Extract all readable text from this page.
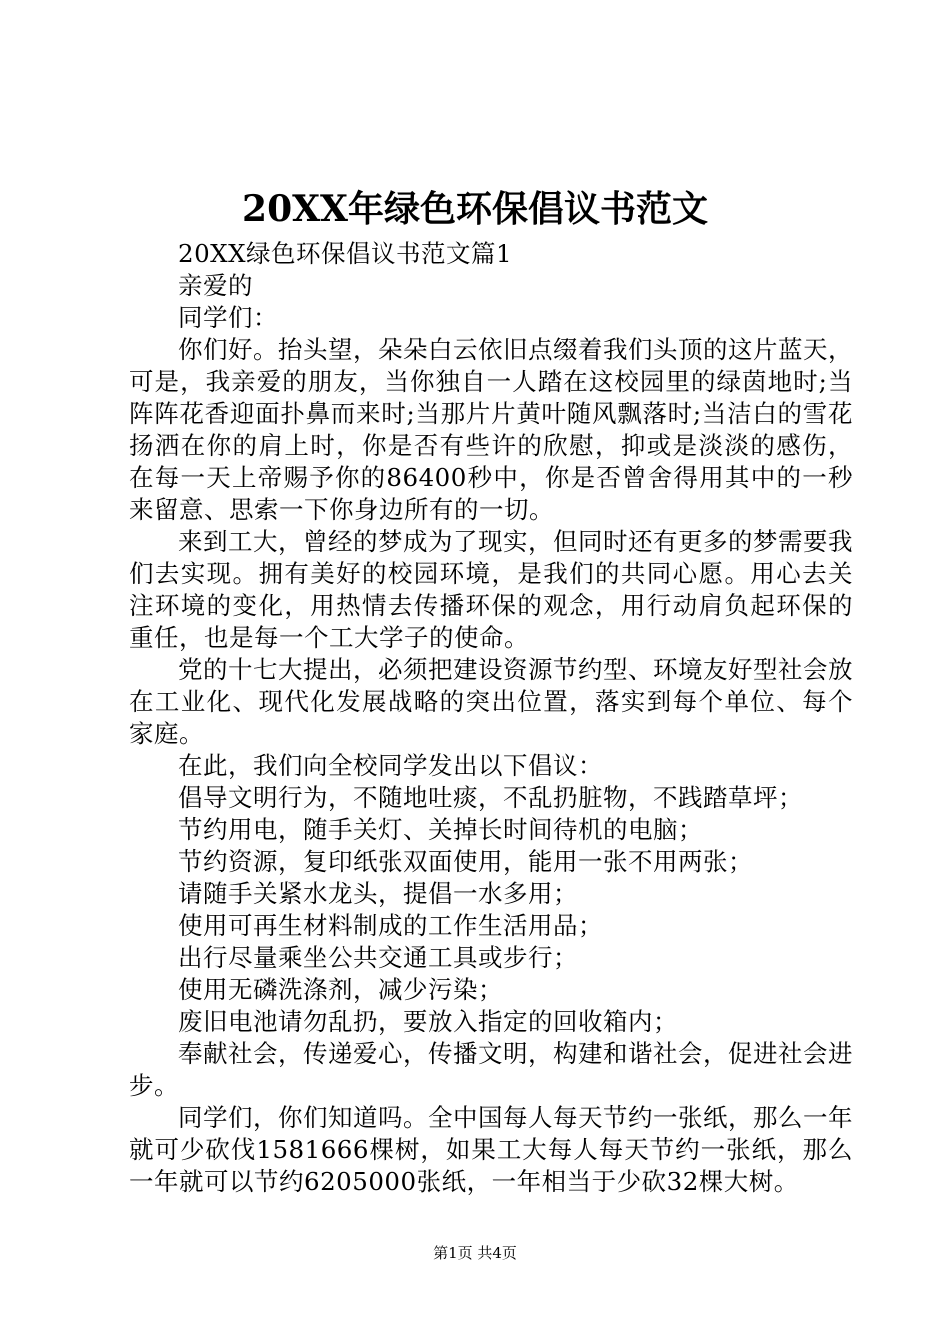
20XX年绿色环保倡议书范文

20XX绿色环保倡议书范文篇1

亲爱的

同学们：

你们好。抬头望，朵朵白云依旧点缀着我们头顶的这片蓝天，可是，我亲爱的朋友，当你独自一人踏在这校园里的绿茵地时;当阵阵花香迎面扑鼻而来时;当那片片黄叶随风飘落时;当洁白的雪花扬洒在你的肩上时，你是否有些许的欣慰，抑或是淡淡的感伤，在每一天上帝赐予你的86400秒中，你是否曾舍得用其中的一秒来留意、思索一下你身边所有的一切。

来到工大，曾经的梦成为了现实，但同时还有更多的梦需要我们去实现。拥有美好的校园环境，是我们的共同心愿。用心去关注环境的变化，用热情去传播环保的观念，用行动肩负起环保的重任，也是每一个工大学子的使命。

党的十七大提出，必须把建设资源节约型、环境友好型社会放在工业化、现代化发展战略的突出位置，落实到每个单位、每个家庭。

在此，我们向全校同学发出以下倡议：

倡导文明行为，不随地吐痰，不乱扔脏物，不践踏草坪；

节约用电，随手关灯、关掉长时间待机的电脑；

节约资源，复印纸张双面使用，能用一张不用两张；

请随手关紧水龙头，提倡一水多用；

使用可再生材料制成的工作生活用品；

出行尽量乘坐公共交通工具或步行；

使用无磷洗涤剂，减少污染；

废旧电池请勿乱扔，要放入指定的回收箱内；

奉献社会，传递爱心，传播文明，构建和谐社会，促进社会进步。

同学们，你们知道吗。全中国每人每天节约一张纸，那么一年就可少砍伐1581666棵树，如果工大每人每天节约一张纸，那么一年就可以节约6205000张纸，一年相当于少砍32棵大树。

第1页 共4页
